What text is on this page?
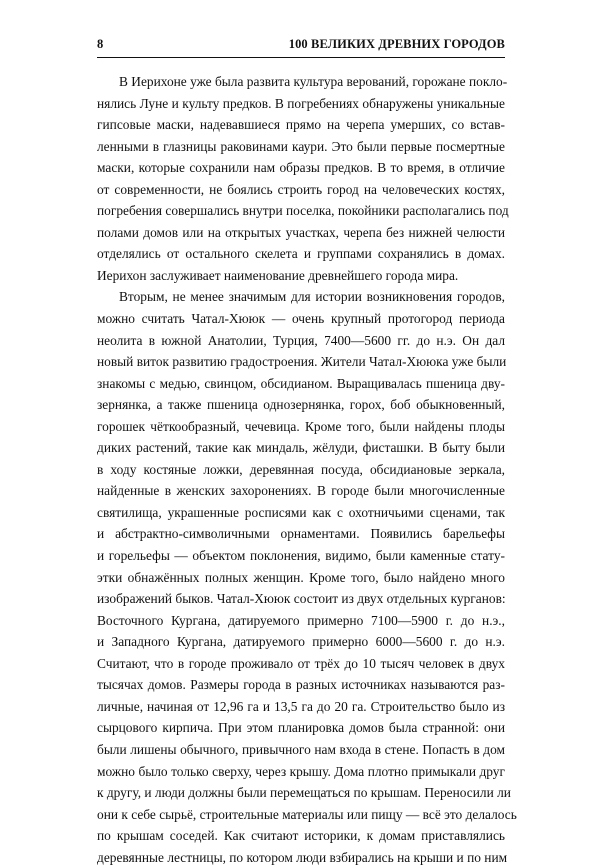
8	100 ВЕЛИКИХ ДРЕВНИХ ГОРОДОВ
В Иерихоне уже была развита культура верований, горожане покло-
нялись Луне и культу предков. В погребениях обнаружены уникальные
гипсовые маски, надевавшиеся прямо на черепа умерших, со встав-
ленными в глазницы раковинами каури. Это были первые посмертные
маски, которые сохранили нам образы предков. В то время, в отличие
от современности, не боялись строить город на человеческих костях,
погребения совершались внутри поселка, покойники располагались под
полами домов или на открытых участках, черепа без нижней челюсти
отделялись от остального скелета и группами сохранялись в домах.
Иерихон заслуживает наименование древнейшего города мира.
Вторым, не менее значимым для истории возникновения городов,
можно считать Чатал-Хююк — очень крупный протогород периода
неолита в южной Анатолии, Турция, 7400—5600 гг. до н.э. Он дал
новый виток развитию градостроения. Жители Чатал-Хююка уже были
знакомы с медью, свинцом, обсидианом. Выращивалась пшеница дву-
зернянка, а также пшеница однозернянка, горох, боб обыкновенный,
горошек чёткообразный, чечевица. Кроме того, были найдены плоды
диких растений, такие как миндаль, жёлуди, фисташки. В быту были
в ходу костяные ложки, деревянная посуда, обсидиановые зеркала,
найденные в женских захоронениях. В городе были многочисленные
святилища, украшенные росписями как с охотничьими сценами, так
и абстрактно-символичными орнаментами. Появились барельефы
и горельефы — объектом поклонения, видимо, были каменные стату-
этки обнажённых полных женщин. Кроме того, было найдено много
изображений быков. Чатал-Хююк состоит из двух отдельных курганов:
Восточного Кургана, датируемого примерно 7100—5900 г. до н.э.,
и Западного Кургана, датируемого примерно 6000—5600 г. до н.э.
Считают, что в городе проживало от трёх до 10 тысяч человек в двух
тысячах домов. Размеры города в разных источниках называются раз-
личные, начиная от 12,96 га и 13,5 га до 20 га. Строительство было из
сырцового кирпича. При этом планировка домов была странной: они
были лишены обычного, привычного нам входа в стене. Попасть в дом
можно было только сверху, через крышу. Дома плотно примыкали друг
к другу, и люди должны были перемещаться по крышам. Переносили ли
они к себе сырьё, строительные материалы или пищу — всё это делалось
по крышам соседей. Как считают историки, к домам приставлялись
деревянные лестницы, по котором люди взбирались на крыши и по ним
